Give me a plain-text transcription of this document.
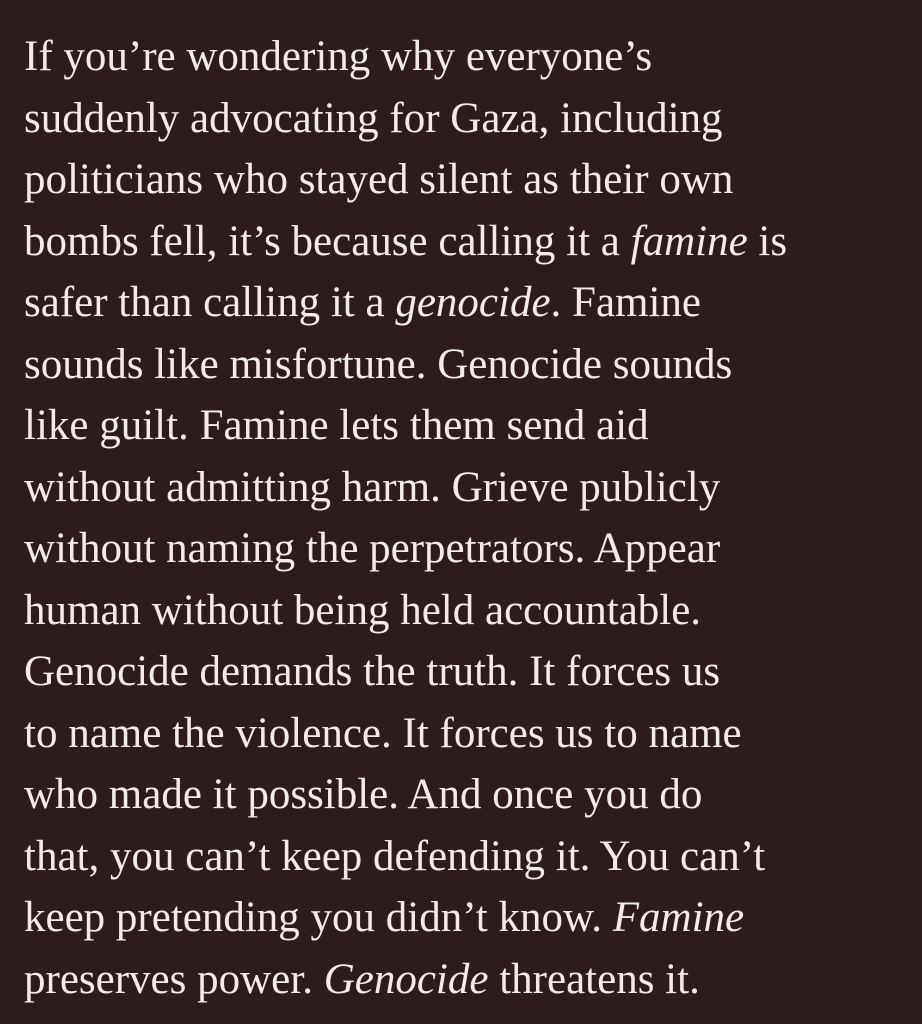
If you’re wondering why everyone’s
suddenly advocating for Gaza, including
politicians who stayed silent as their own
bombs fell, it’s because calling it a famine is
safer than calling it a genocide. Famine
sounds like misfortune. Genocide sounds
like guilt. Famine lets them send aid
without admitting harm. Grieve publicly
without naming the perpetrators. Appear
human without being held accountable.
Genocide demands the truth. It forces us
to name the violence. It forces us to name
who made it possible. And once you do
that, you can’t keep defending it. You can’t
keep pretending you didn’t know. Famine
preserves power. Genocide threatens it.
